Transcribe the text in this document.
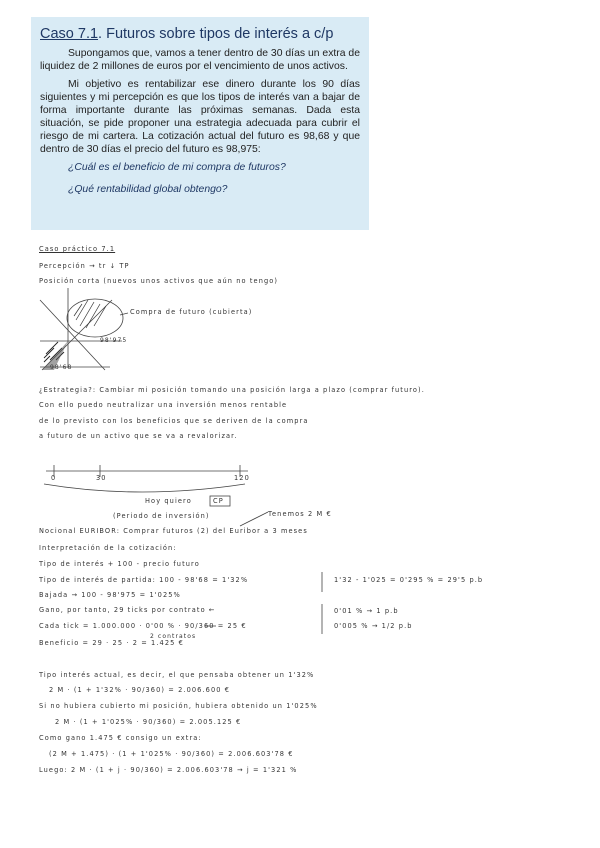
Caso 7.1. Futuros sobre tipos de interés a c/p

Supongamos que, vamos a tener dentro de 30 días un extra de liquidez de 2 millones de euros por el vencimiento de unos activos.

Mi objetivo es rentabilizar ese dinero durante los 90 días siguientes y mi percepción es que los tipos de interés van a bajar de forma importante durante las próximas semanas. Dada esta situación, se pide proponer una estrategia adecuada para cubrir el riesgo de mi cartera. La cotización actual del futuro es 98,68 y que dentro de 30 días el precio del futuro es 98,975:

¿Cuál es el beneficio de mi compra de futuros?

¿Qué rentabilidad global obtengo?

Caso práctico 7.1
Percepción → tr ↓ TP
Posición corta (nuevos unos activos que aún no tengo)
Compra de futuro (cubierta)
98'975
98'68
¿Estrategia?: Cambiar mi posición tomando una posición larga a plazo (comprar futuro).
Con ello puedo neutralizar una inversión menos rentable
de lo previsto con los beneficios que se deriven de la compra
a futuro de un activo que se va a revalorizar.
0	30	120
Hoy quiero	CP
(Periodo de inversión)	Tenemos 2 M €
Nocional EURIBOR: Comprar futuros (2) del Euribor a 3 meses
Interpretación de la cotización:
Tipo de interés + 100 - precio futuro
Tipo de interés de partida: 100 - 98'68 = 1'32%
Bajada → 100 - 98'975 = 1'025%
Gano, por tanto, 29 ticks por contrato ←
Cada tick = 1.000.000 · 0'00 % · 90/360 = 25 €
2 contratos
Beneficio = 29 · 25 · 2 = 1.425 €
1'32 - 1'025 = 0'295 % = 29'5 p.b
0'01 % → 1 p.b
0'005 % → 1/2 p.b
Tipo interés actual, es decir, el que pensaba obtener un 1'32%
2 M · (1 + 1'32% · 90/360) = 2.006.600 €
Si no hubiera cubierto mi posición, hubiera obtenido un 1'025%
2 M · (1 + 1'025% · 90/360) = 2.005.125 €
Como gano 1.475 € consigo un extra:
(2 M + 1.475) · (1 + 1'025% · 90/360) = 2.006.603'78 €
Luego: 2 M · (1 + j · 90/360) = 2.006.603'78 → j = 1'321 %
